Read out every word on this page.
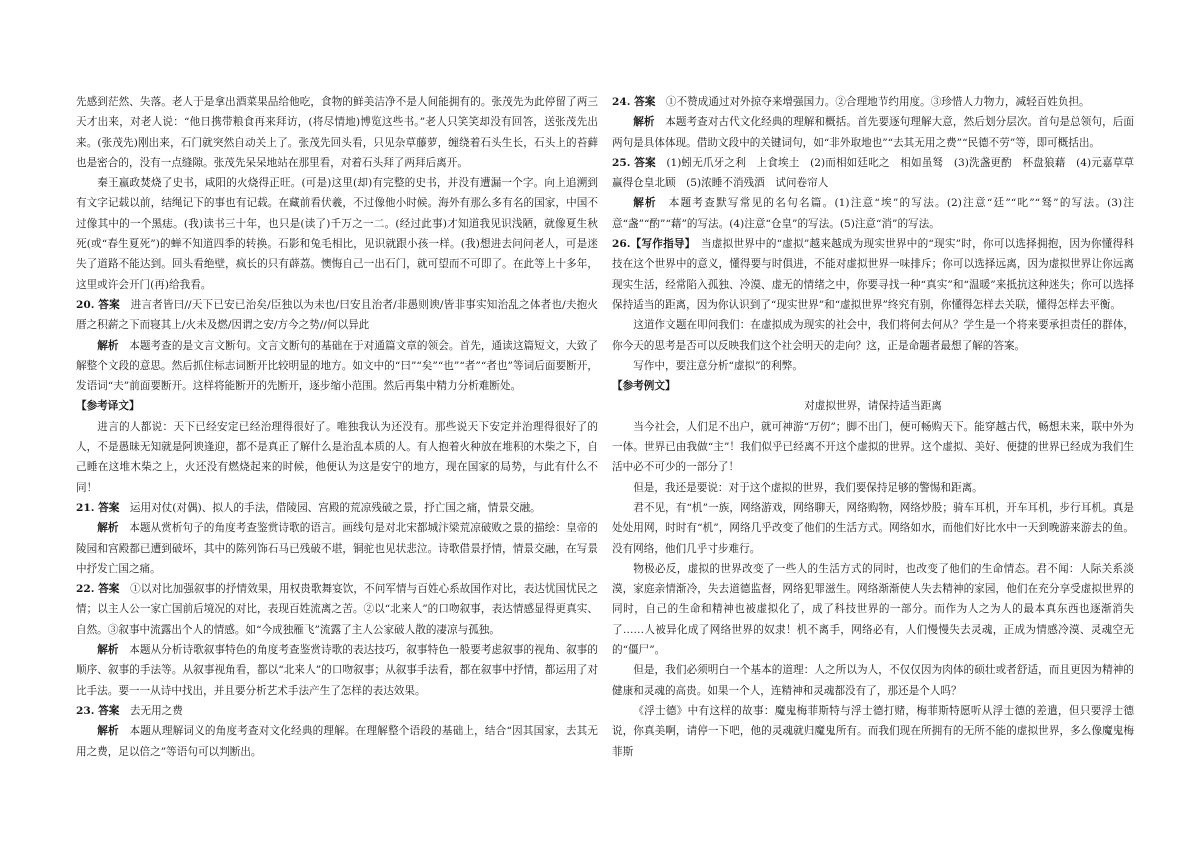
先感到茫然、失落。老人于是拿出酒菜果品给他吃，食物的鲜美洁净不是人间能拥有的。张茂先为此停留了两三天才出来，对老人说：“他日携带粮食再来拜访，(将尽情地)博览这些书。”老人只笑笑却没有回答，送张茂先出来。(张茂先)刚出来，石门就突然自动关上了。张茂先回头看，只见杂草藤萝，缠绕着石头生长，石头上的苔藓也是密合的，没有一点缝隙。张茂先呆呆地站在那里看，对着石头拜了两拜后离开。

秦王嬴政焚烧了史书，咸阳的火烧得正旺。(可是)这里(却)有完整的史书，并没有遭漏一个字。向上追溯到有文字记载以前，结绳记下的事也有记载。在藏前看伏羲，不过像他小时候。海外有那么多有名的国家，中国不过像其中的一个黑痣。(我)读书三十年，也只是(读了)千万之一二。(经过此事)才知道我见识浅陋，就像夏生秋死(或“春生夏死”)的蝉不知道四季的转换。石影和兔毛相比，见识就跟小孩一样。(我)想进去问问老人，可是迷失了道路不能达到。回头看绝壁，疯长的只有薜荔。懊悔自己一出石门，就可望而不可即了。在此等上十多年，这里或许会开门(再)给我看。

20. 答案　 进言者皆曰//天下已安已治矣/臣独以为未也/曰安且治者/非愚则谀/皆非事实知治乱之体者也/夫抱火厝之积薪之下而寝其上/火未及燃/因谓之安/方今之势//何以异此

解析　 本题考查的是文言文断句。文言文断句的基础在于对通篇文章的领会。首先，通读这篇短文，大致了解整个文段的意思。然后抓住标志词断开比较明显的地方。如文中的“曰”“矣”“也”“者”“者也”等词后面要断开，发语词“夫”前面要断开。这样将能断开的先断开，逐步缩小范围。然后再集中精力分析难断处。

【参考译文】

进言的人都说：天下已经安定已经治理得很好了。唯独我认为还没有。那些说天下安定并治理得很好了的人，不是愚昧无知就是阿谀逢迎，都不是真正了解什么是治乱本质的人。有人抱着火种放在堆积的木柴之下，自己睡在这堆木柴之上，火还没有燃烧起来的时候，他便认为这是安宁的地方，现在国家的局势，与此有什么不同！

21. 答案　 运用对仗(对偶)、拟人的手法，借陵园、宫殿的荒凉残破之景，抒亡国之痛，情景交融。

解析　 本题从赏析句子的角度考查鉴赏诗歌的语言。画线句是对北宋都城汴梁荒凉破败之景的描绘：皇帝的陵园和宫殿都已遭到破坏，其中的陈列饰石马已残破不堪，铜驼也见状悲泣。诗歌借景抒情，情景交融，在写景中抒发亡国之痛。

22. 答案　 ①以对比加强叙事的抒情效果，用权贵歌舞宴饮，不问军情与百姓心系故国作对比，表达忧国忧民之情；以主人公一家亡国前后境况的对比，表现百姓流离之苦。②以“北来人”的口吻叙事，表达情感显得更真实、自然。③叙事中流露出个人的情感。如“今成独雁飞”流露了主人公家破人散的凄凉与孤独。

解析　 本题从分析诗歌叙事特色的角度考查鉴赏诗歌的表达技巧，叙事特色一般要考虑叙事的视角、叙事的顺序、叙事的手法等。从叙事视角看，都以“北来人”的口吻叙事；从叙事手法看，都在叙事中抒情，都运用了对比手法。要一一从诗中找出，并且要分析艺术手法产生了怎样的表达效果。

23. 答案　 去无用之费

解析　 本题从理解词义的角度考查对文化经典的理解。在理解整个语段的基础上，结合“因其国家，去其无用之费，足以倍之”等语句可以判断出。

24. 答案　 ①不赞成通过对外掠夺来增强国力。②合理地节约用度。③珍惜人力物力，减轻百姓负担。

解析　 本题考查对古代文化经典的理解和概括。首先要逐句理解大意，然后划分层次。首句是总领句，后面两句是具体体现。借助文段中的关键词句，如“非外取地也”“去其无用之费”“民德不劳”等，即可概括出。

25. 答案　 (1)蚓无爪牙之利　上食埃土　(2)而相如廷叱之　相如虽驽　(3)洗盏更酌　杯盘狼藉　(4)元嘉草草　赢得仓皇北顾　(5)浓睡不消残酒　试问卷帘人

解析　 本题考查默写常见的名句名篇。(1)注意“埃”的写法。(2)注意“廷”“叱”“驽”的写法。(3)注意“盏”“酌”“藉”的写法。(4)注意“仓皇”的写法。(5)注意“消”的写法。

26.【写作指导】　 当虚拟世界中的“虚拟”越来越成为现实世界中的“现实”时，你可以选择拥抱，因为你懂得科技在这个世界中的意义，懂得要与时俱进，不能对虚拟世界一味排斥；你可以选择远离，因为虚拟世界让你远离现实生活，经常陷入孤独、冷漠、虚无的情绪之中，你要寻找一种“真实”和“温暖”来抵抗这种迷失；你可以选择保持适当的距离，因为你认识到了“现实世界”和“虚拟世界”终究有别，你懂得怎样去关联，懂得怎样去平衡。

这道作文题在叩问我们：在虚拟成为现实的社会中，我们将何去何从？学生是一个将来要承担责任的群体，你今天的思考是否可以反映我们这个社会明天的走向？这，正是命题者最想了解的答案。

写作中，要注意分析“虚拟”的利弊。

【参考例文】

对虚拟世界，请保持适当距离

当今社会，人们足不出户，就可神游“万仞”；脚不出门，便可畅购天下。能穿越古代，畅想未来，联中外为一体。世界已由我做“主”！我们似乎已经离不开这个虚拟的世界。这个虚拟、美好、便捷的世界已经成为我们生活中必不可少的一部分了！

但是，我还是要说：对于这个虚拟的世界，我们要保持足够的警惕和距离。

君不见，有“机”一族，网络游戏，网络聊天，网络购物，网络炒股；骑车耳机，开车耳机，步行耳机。真是处处用网，时时有“机”，网络几乎改变了他们的生活方式。网络如水，而他们好比水中一天到晚游来游去的鱼。没有网络，他们几乎寸步难行。

物极必反，虚拟的世界改变了一些人的生活方式的同时，也改变了他们的生命情态。君不闻：人际关系淡漠，家庭亲情渐冷，失去道德监督，网络犯罪滋生。网络渐渐使人失去精神的家园，他们在充分享受虚拟世界的同时，自己的生命和精神也被虚拟化了，成了科技世界的一部分。而作为人之为人的最本真东西也逐渐消失了……人被异化成了网络世界的奴隶！机不离手，网络必有，人们慢慢失去灵魂，正成为情感冷漠、灵魂空无的“僵尸”。

但是，我们必须明白一个基本的道理：人之所以为人，不仅仅因为肉体的硕壮或者舒适，而且更因为精神的健康和灵魂的高贵。如果一个人，连精神和灵魂都没有了，那还是个人吗？

《浮士德》中有这样的故事：魔鬼梅菲斯特与浮士德打赌，梅菲斯特愿听从浮士德的差遣，但只要浮士德说，你真美啊，请停一下吧，他的灵魂就归魔鬼所有。而我们现在所拥有的无所不能的虚拟世界，多么像魔鬼梅菲斯
